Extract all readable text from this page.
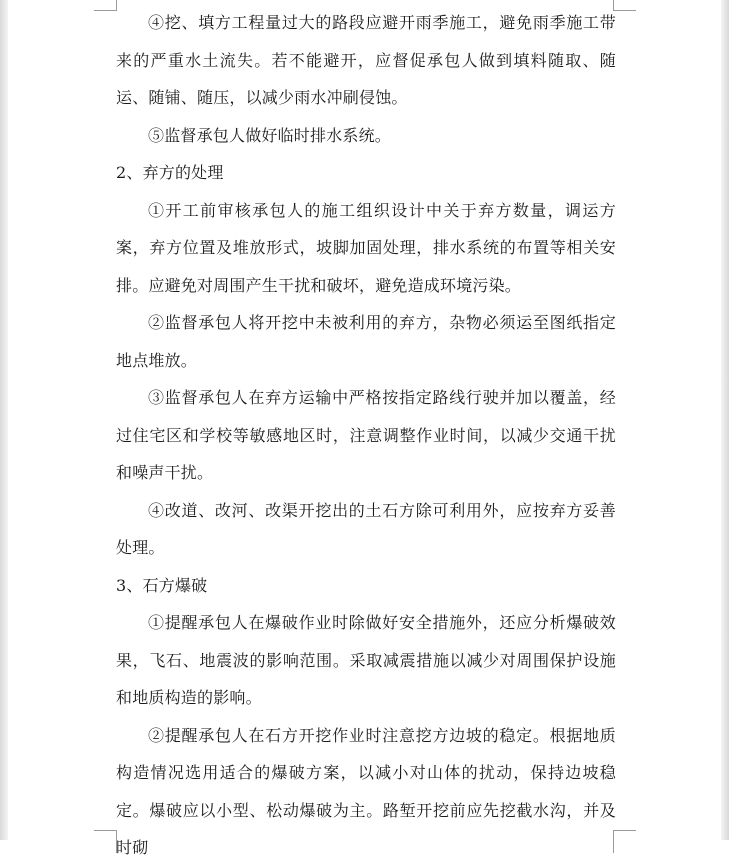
④挖、填方工程量过大的路段应避开雨季施工，避免雨季施工带来的严重水土流失。若不能避开，应督促承包人做到填料随取、随运、随铺、随压，以减少雨水冲刷侵蚀。

⑤监督承包人做好临时排水系统。

2、弃方的处理

①开工前审核承包人的施工组织设计中关于弃方数量，调运方案，弃方位置及堆放形式，坡脚加固处理，排水系统的布置等相关安排。应避免对周围产生干扰和破坏，避免造成环境污染。

②监督承包人将开挖中未被利用的弃方，杂物必须运至图纸指定地点堆放。

③监督承包人在弃方运输中严格按指定路线行驶并加以覆盖，经过住宅区和学校等敏感地区时，注意调整作业时间，以减少交通干扰和噪声干扰。

④改道、改河、改渠开挖出的土石方除可利用外，应按弃方妥善处理。

3、石方爆破

①提醒承包人在爆破作业时除做好安全措施外，还应分析爆破效果，飞石、地震波的影响范围。采取减震措施以减少对周围保护设施和地质构造的影响。

②提醒承包人在石方开挖作业时注意挖方边坡的稳定。根据地质构造情况选用适合的爆破方案，以减小对山体的扰动，保持边坡稳定。爆破应以小型、松动爆破为主。路堑开挖前应先挖截水沟，并及时砌
